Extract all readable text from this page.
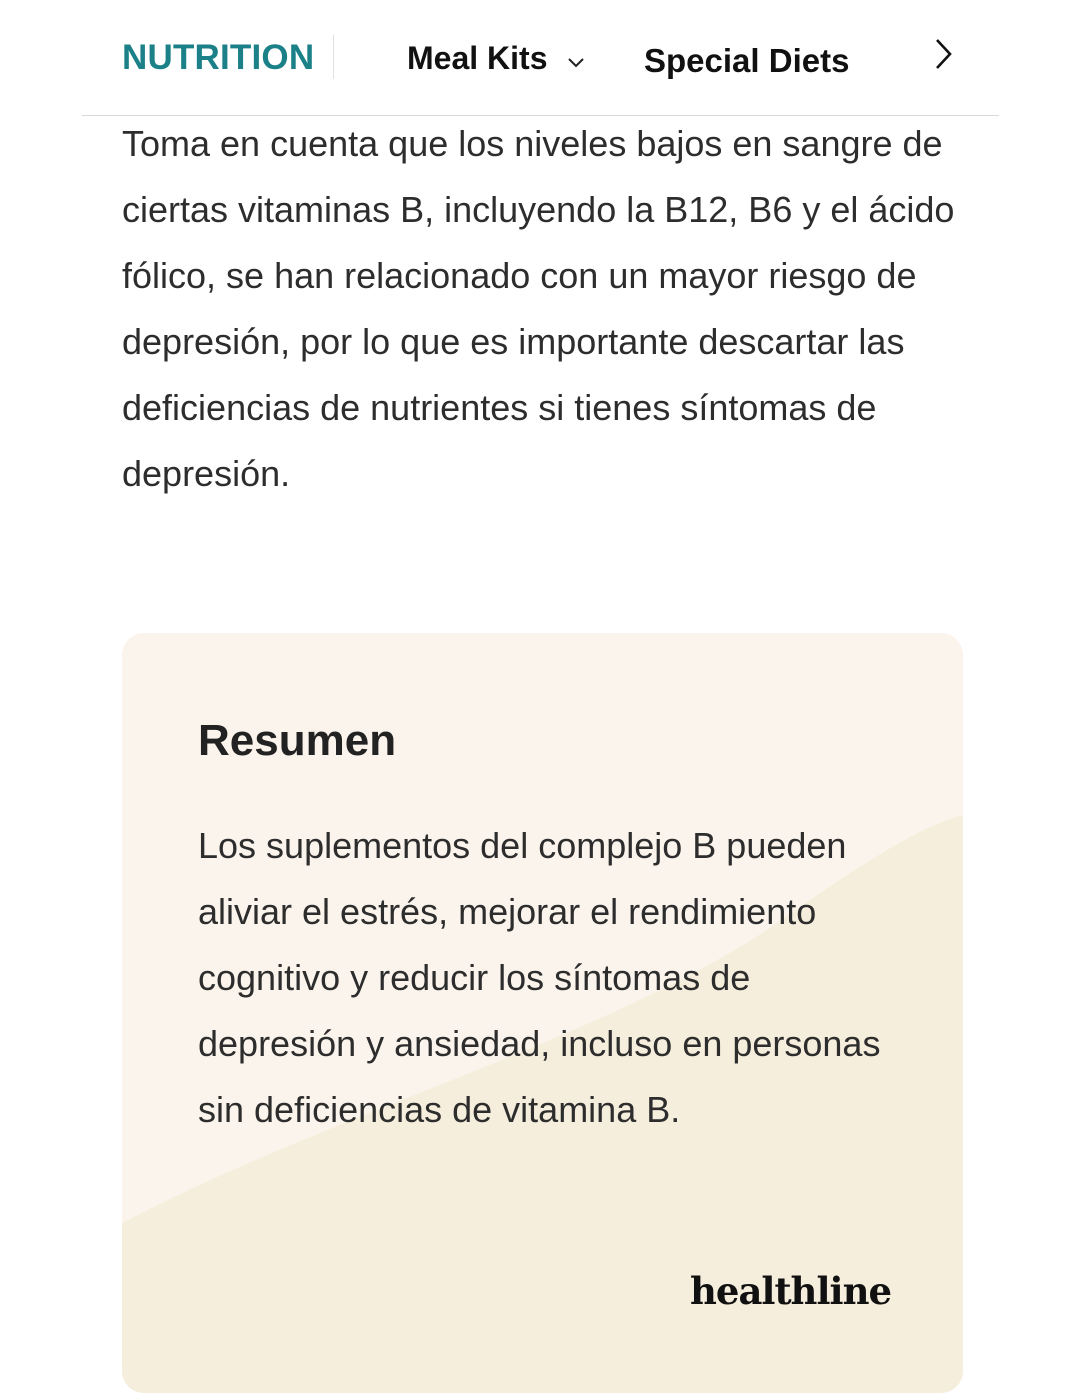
NUTRITION	Meal Kits	Special Diets

Toma en cuenta que los niveles bajos en sangre de ciertas vitaminas B, incluyendo la B12, B6 y el ácido fólico, se han relacionado con un mayor riesgo de depresión, por lo que es importante descartar las deficiencias de nutrientes si tienes síntomas de depresión.

Resumen

Los suplementos del complejo B pueden aliviar el estrés, mejorar el rendimiento cognitivo y reducir los síntomas de depresión y ansiedad, incluso en personas sin deficiencias de vitamina B.

healthline
